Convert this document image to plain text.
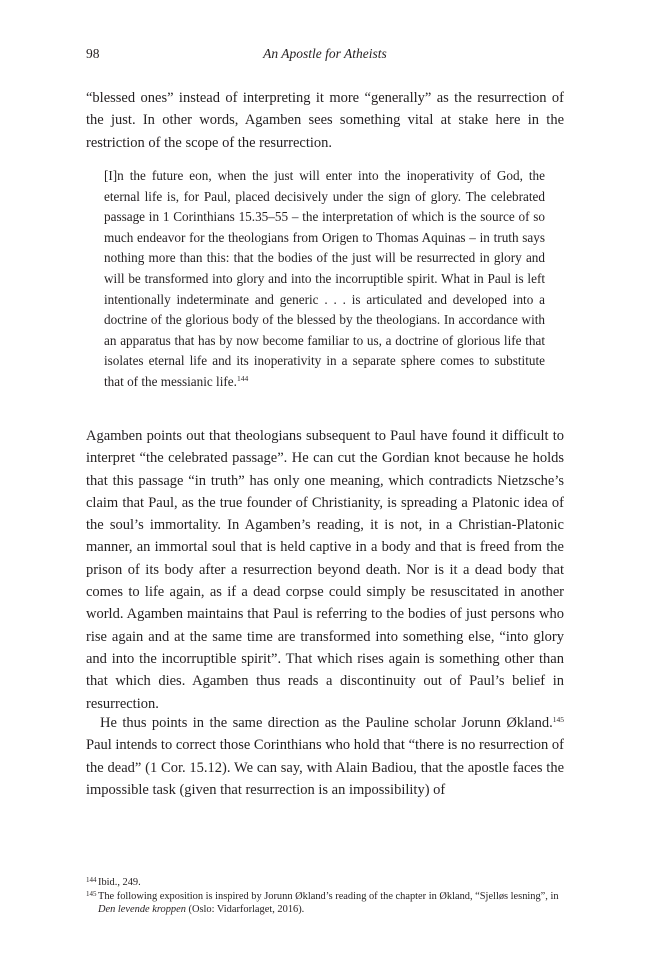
98	An Apostle for Atheists

“blessed ones” instead of interpreting it more “generally” as the resurrection of the just. In other words, Agamben sees something vital at stake here in the restriction of the scope of the resurrection.

[I]n the future eon, when the just will enter into the inoperativity of God, the eternal life is, for Paul, placed decisively under the sign of glory. The celebrated passage in 1 Corinthians 15.35–55 – the interpretation of which is the source of so much endeavor for the theologians from Origen to Thomas Aquinas – in truth says nothing more than this: that the bodies of the just will be resurrected in glory and will be transformed into glory and into the incorruptible spirit. What in Paul is left intentionally indeterminate and generic . . . is articulated and developed into a doctrine of the glorious body of the blessed by the theologians. In accordance with an apparatus that has by now become familiar to us, a doctrine of glorious life that isolates eternal life and its inoperativity in a separate sphere comes to substitute that of the messianic life.$^{144}$

Agamben points out that theologians subsequent to Paul have found it difficult to interpret “the celebrated passage”. He can cut the Gordian knot because he holds that this passage “in truth” has only one meaning, which contradicts Nietzsche’s claim that Paul, as the true founder of Christianity, is spreading a Platonic idea of the soul’s immortality. In Agamben’s reading, it is not, in a Christian-Platonic manner, an immortal soul that is held captive in a body and that is freed from the prison of its body after a resurrection beyond death. Nor is it a dead body that comes to life again, as if a dead corpse could simply be resuscitated in another world. Agamben maintains that Paul is referring to the bodies of just persons who rise again and at the same time are transformed into something else, “into glory and into the incorruptible spirit”. That which rises again is something other than that which dies. Agamben thus reads a discontinuity out of Paul’s belief in resurrection.

He thus points in the same direction as the Pauline scholar Jorunn Økland.$^{145}$ Paul intends to correct those Corinthians who hold that “there is no resurrection of the dead” (1 Cor. 15.12). We can say, with Alain Badiou, that the apostle faces the impossible task (given that resurrection is an impossibility) of

144 Ibid., 249.

145 The following exposition is inspired by Jorunn Økland’s reading of the chapter in Økland, “Sjelløs lesning”, in Den levende kroppen (Oslo: Vidarforlaget, 2016).
